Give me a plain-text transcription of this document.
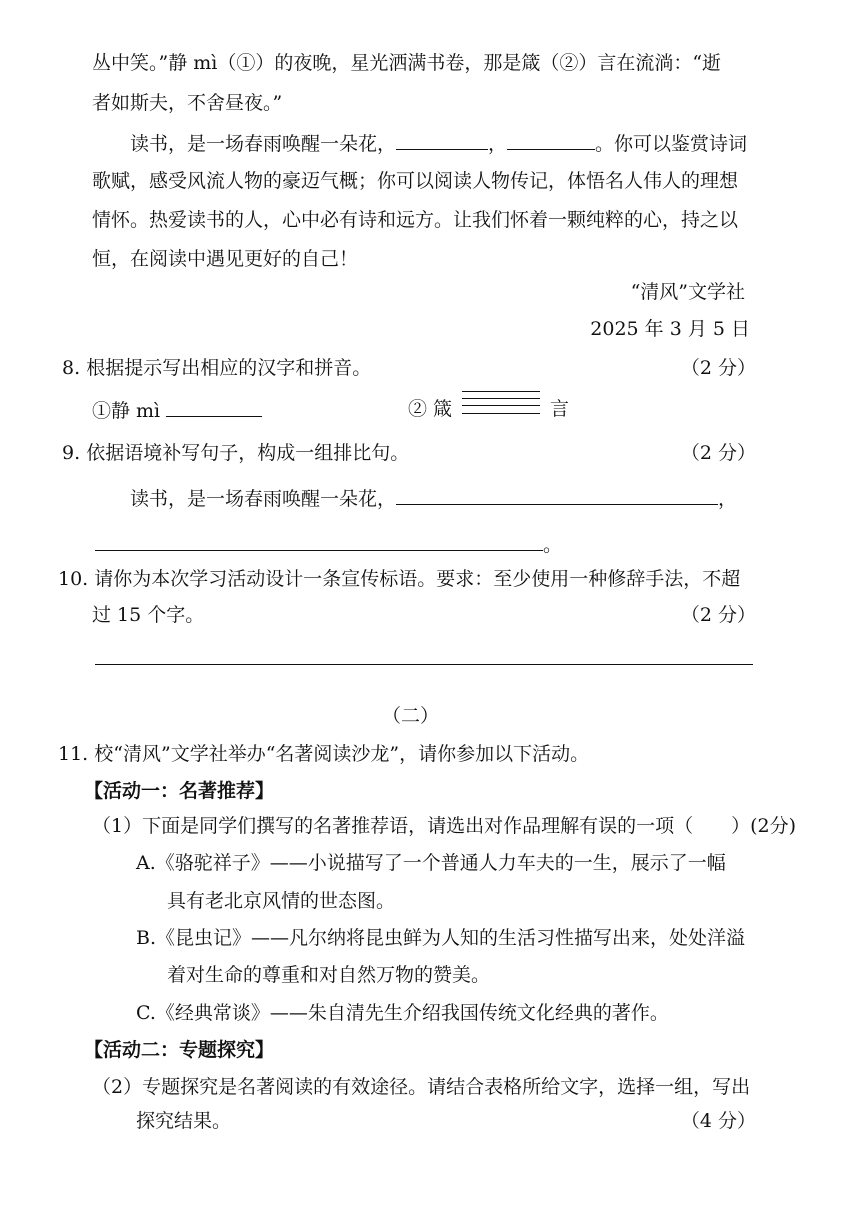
丛中笑。”静 mì（①）的夜晚，星光洒满书卷，那是箴（②）言在流淌：“逝
者如斯夫，不舍昼夜。”
读书，是一场春雨唤醒一朵花，	，	。你可以鉴赏诗词
歌赋，感受风流人物的豪迈气概；你可以阅读人物传记，体悟名人伟人的理想
情怀。热爱读书的人，心中必有诗和远方。让我们怀着一颗纯粹的心，持之以
恒，在阅读中遇见更好的自己！
“清风”文学社
2025 年 3 月 5 日
8. 根据提示写出相应的汉字和拼音。	（2 分）
①静 mì	② 箴	言
9. 依据语境补写句子，构成一组排比句。	（2 分）
读书，是一场春雨唤醒一朵花，	，
。
10. 请你为本次学习活动设计一条宣传标语。要求：至少使用一种修辞手法，不超
过 15 个字。	（2 分）
（二）
11. 校“清风”文学社举办“名著阅读沙龙”，请你参加以下活动。
【活动一：名著推荐】
（1）下面是同学们撰写的名著推荐语，请选出对作品理解有误的一项（　　）(2分)
A.《骆驼祥子》——小说描写了一个普通人力车夫的一生，展示了一幅
具有老北京风情的世态图。
B.《昆虫记》——凡尔纳将昆虫鲜为人知的生活习性描写出来，处处洋溢
着对生命的尊重和对自然万物的赞美。
C.《经典常谈》——朱自清先生介绍我国传统文化经典的著作。
【活动二：专题探究】
（2）专题探究是名著阅读的有效途径。请结合表格所给文字，选择一组，写出
探究结果。	（4 分）
